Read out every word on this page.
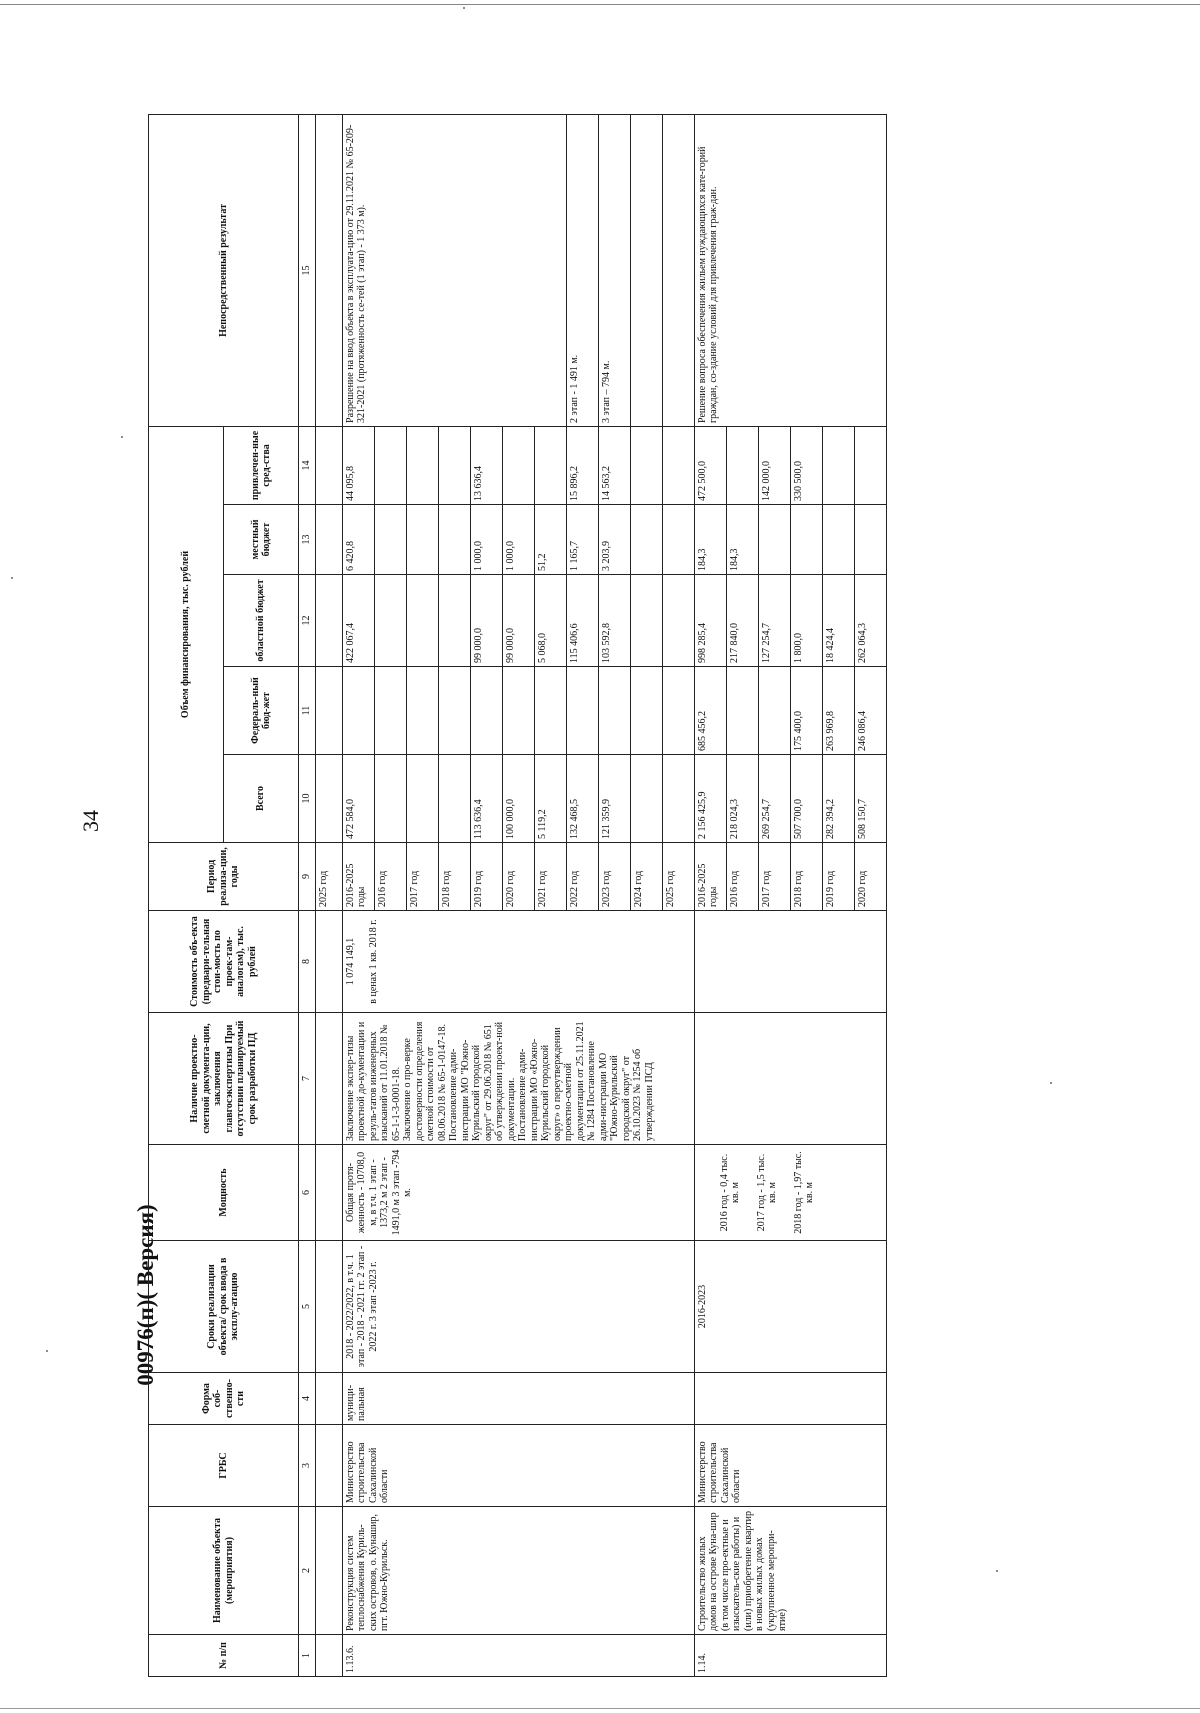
34
00976(п)( Версия)
№ п/п	Наименование объекта (мероприятия)	ГРБС	Форма соб-ственно-сти	Сроки реализации объекта/ срок ввода в эксплу-атацию	Мощность	Наличие проектно-сметной документа-ции, заключения главгосэкспертизы При отсутствии планируемый срок разработки ПД	Стоимость объ-екта (предвари-тельная стои-мость по проек-там-аналогам), тыс. рублей	Период реализа-ции, годы	Объем финансирования, тыс. рублей					Непосредственный результат
									Всего	Федераль-ный бюд-жет	областной бюджет	местный бюджет	привлечен-ные сред-ства	
1	2	3	4	5	6	7	8	9	10	11	12	13	14	15
								2025 год						
1.13.6.	Реконструкция систем теплоснабжения Куриль-ских островов, о. Кунашир, пгт. Южно-Курильск.	Министерство строительства Сахалинской области	муници-пальная	2018 - 2022/2022, в т.ч. 1 этап - 2018 - 2021 гг. 2 этап - 2022 г. 3 этап -2023 г.	Общая протя-женность - 10708,0 м, в т.ч. 1 этап - 1373,2 м 2 этап - 1491,0 м 3 этап -794 м.	Заключение экспер-тизы проектной до-кументации и резуль-татов инженерных изысканий от 11.01.2018 № 65-1-1-3-0001-18. Заключение о про-верке достоверности определения сметной стоимости от 08.06.2018 № 65-1-0147-18. Постановление адми-нистрации МО "Южно-Курильский городской округ" от 29.06.2018 № 651 об утверждении проект-ной документации. Постановление адми-нистрации МО «Южно-Курильский городской округ» о переутверждении проектно-сметной документации от 25.11.2021 № 1284 Постановление адми-нистрации МО "Южно-Курильский городской округ" от 26.10.2023 № 1254 об утверждении ПСД	1 074 149,1 в ценах 1 кв. 2018 г.	2016-2025 годы	472 584,0		422 067,4	6 420,8	44 095,8	Разрешение на ввод объекта в эксплуата-цию от 29.11.2021 № 65-209-321-2021 (протяженность се-тей (1 этап) - 1 373 м).
								2016 год						
								2017 год						
								2018 год						
								2019 год	113 636,4		99 000,0	1 000,0	13 636,4	
								2020 год	100 000,0		99 000,0	1 000,0		
								2021 год	5 119,2		5 068,0	51,2		
								2022 год	132 468,5		115 406,6	1 165,7	15 896,2	2 этап - 1 491 м.
								2023 год	121 359,9		103 592,8	3 203,9	14 563,2	3 этап – 794 м.
								2024 год						
								2025 год						
1.14.	Строительство жилых домов на острове Куна-шир (в том числе про-ектные и изыскатель-ские работы) и (или) приобретение квартир в новых жилых домах (укрупненное меропри-ятие)	Министерство строительства Сахалинской области		2016-2023	2016 год - 0,4 тыс. кв. м 2017 год - 1,5 тыс. кв. м 2018 год - 1,97 тыс. кв. м			2016-2025 годы	2 156 425,9	685 456,2	998 285,4	184,3	472 500,0	Решение вопроса обеспечения жильем нуждающихся кате-горий граждан, со-здание условий для привлечения граж-дан.
								2016 год	218 024,3		217 840,0	184,3		
								2017 год	269 254,7		127 254,7		142 000,0	
								2018 год	507 700,0	175 400,0	1 800,0		330 500,0	
								2019 год	282 394,2	263 969,8	18 424,4			
								2020 год	508 150,7	246 086,4	262 064,3			
